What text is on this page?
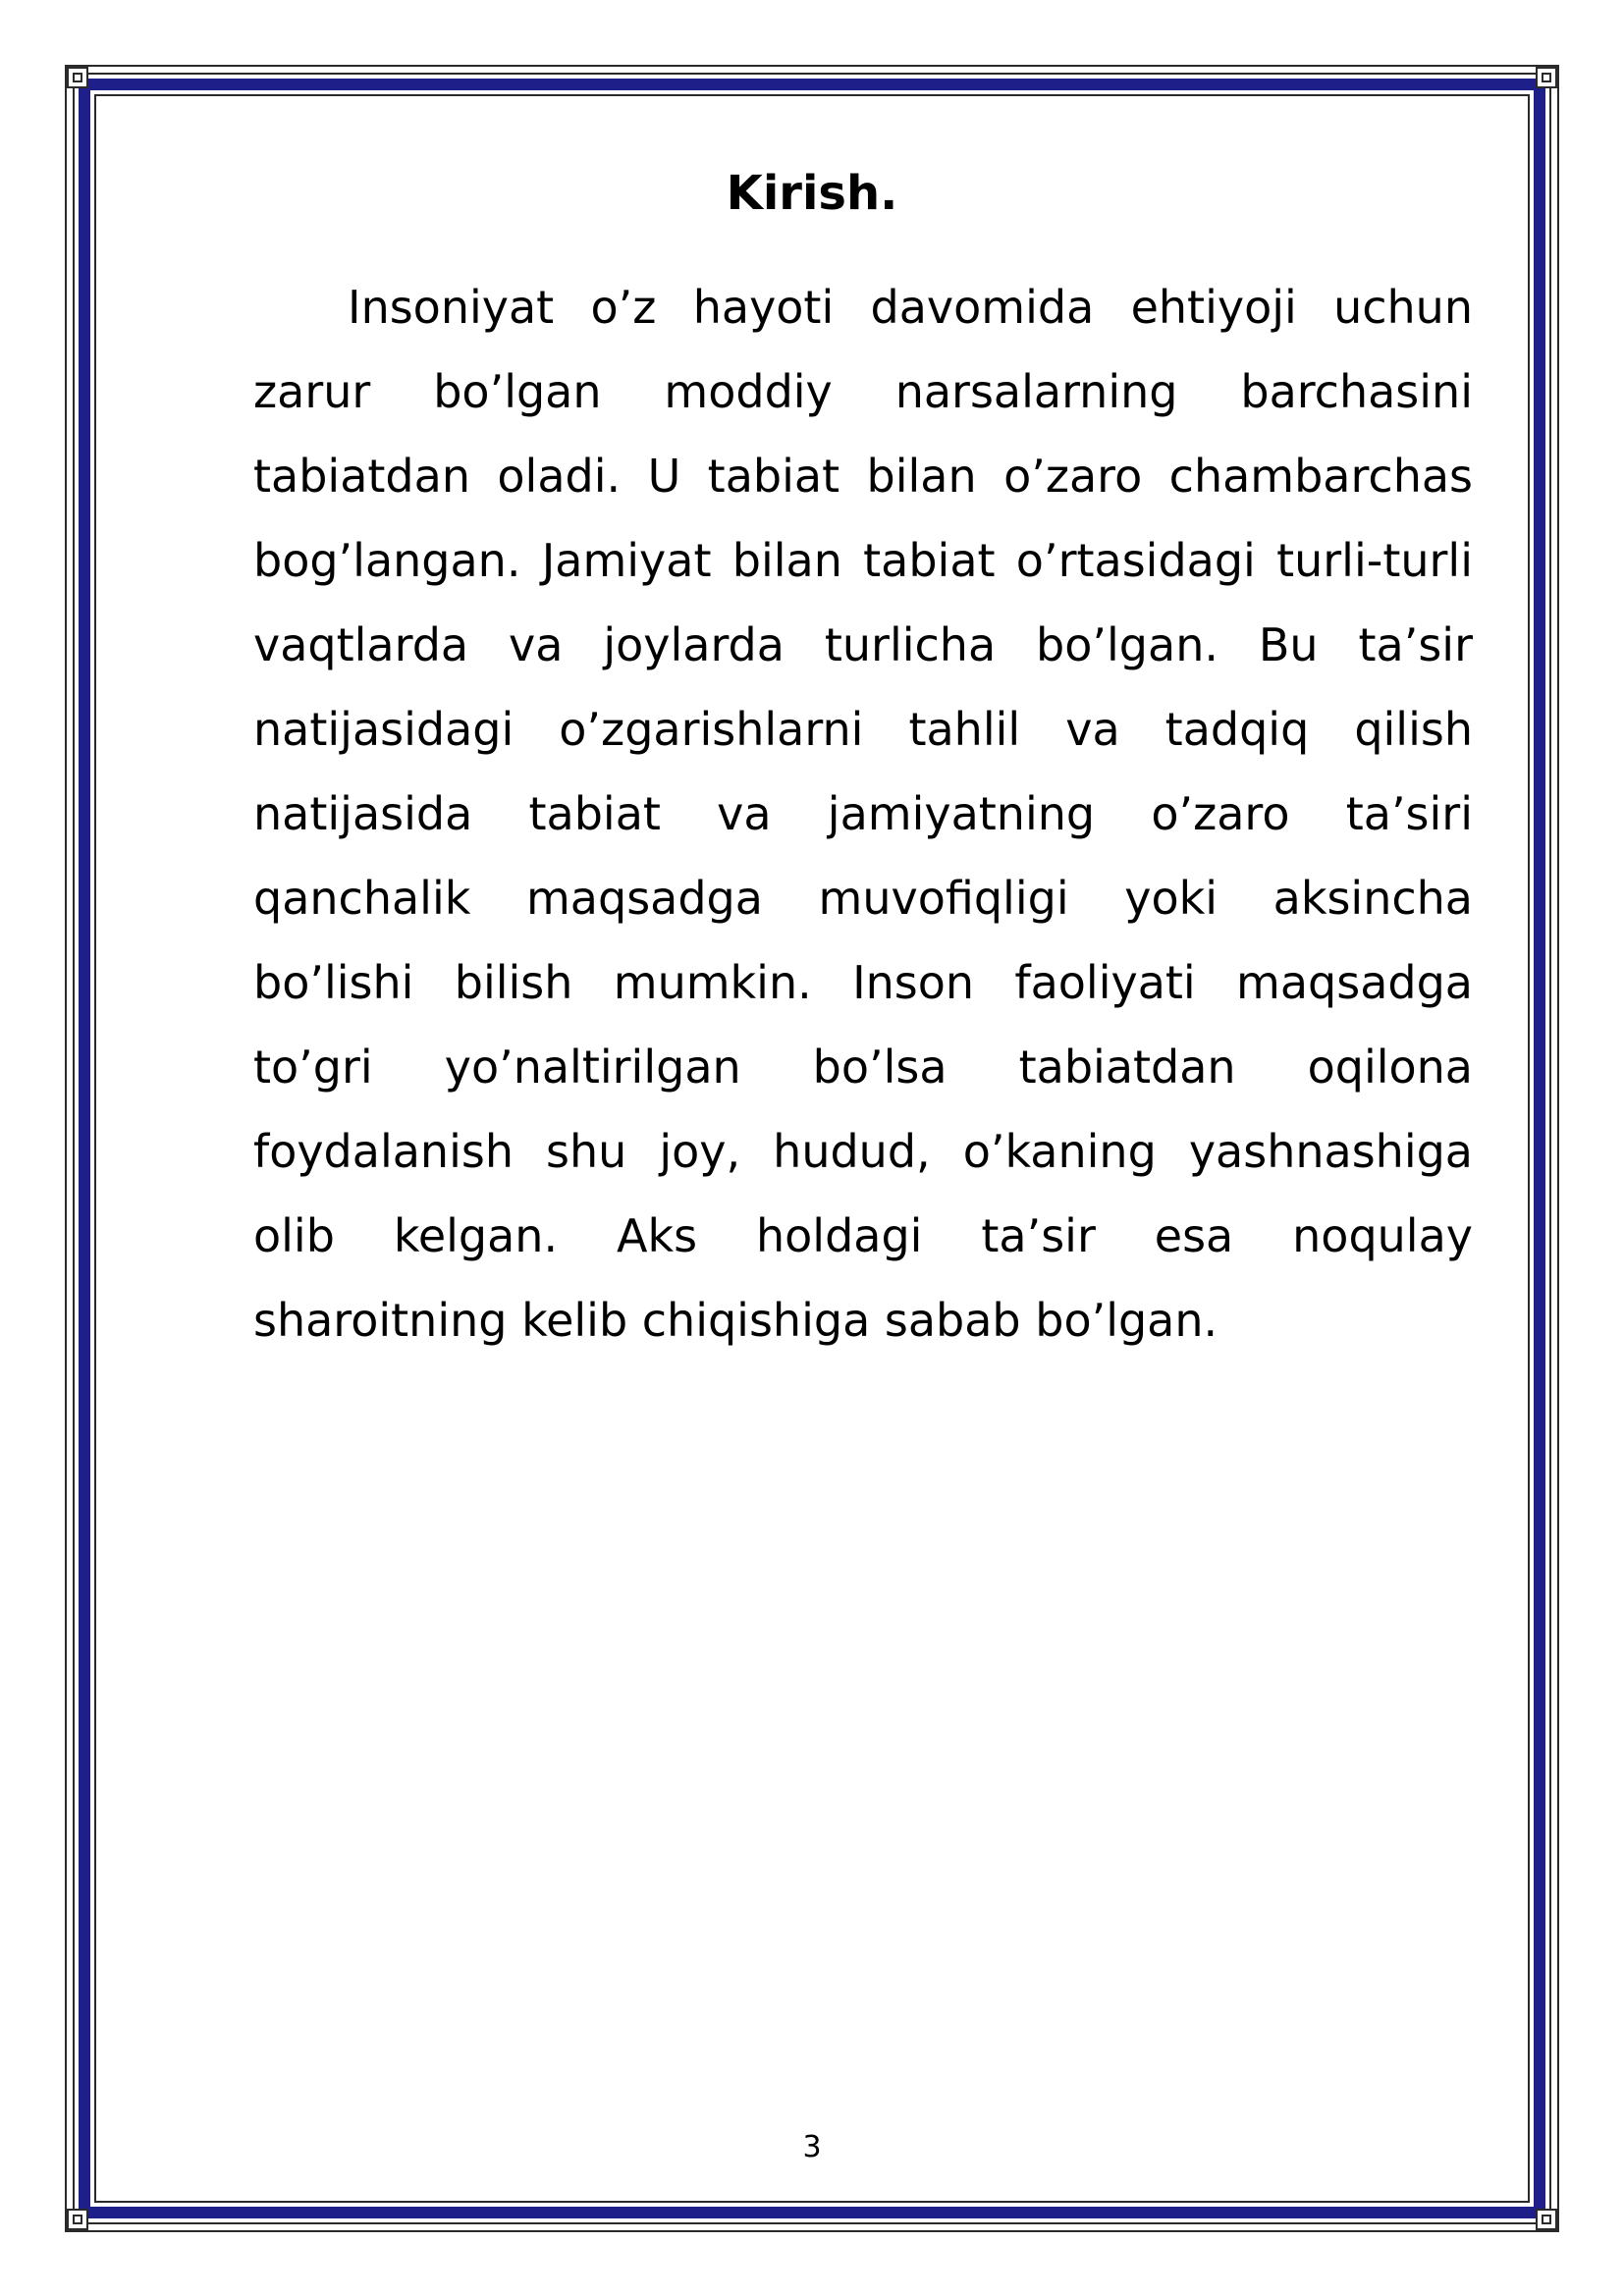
Kirish.

Insoniyat o’z hayoti davomida ehtiyoji uchun zarur bo’lgan moddiy narsalarning barchasini tabiatdan oladi. U tabiat bilan o’zaro chambarchas bog’langan. Jamiyat bilan tabiat o’rtasidagi turli-turli vaqtlarda va joylarda turlicha bo’lgan. Bu ta’sir natijasidagi o’zgarishlarni tahlil va tadqiq qilish natijasida tabiat va jamiyatning o’zaro ta’siri qanchalik maqsadga muvofiqligi yoki aksincha bo’lishi bilish mumkin. Inson faoliyati maqsadga to’gri yo’naltirilgan bo’lsa tabiatdan oqilona foydalanish shu joy, hudud, o’kaning yashnashiga olib kelgan. Aks holdagi ta’sir esa noqulay sharoitning kelib chiqishiga sabab bo’lgan.

3
